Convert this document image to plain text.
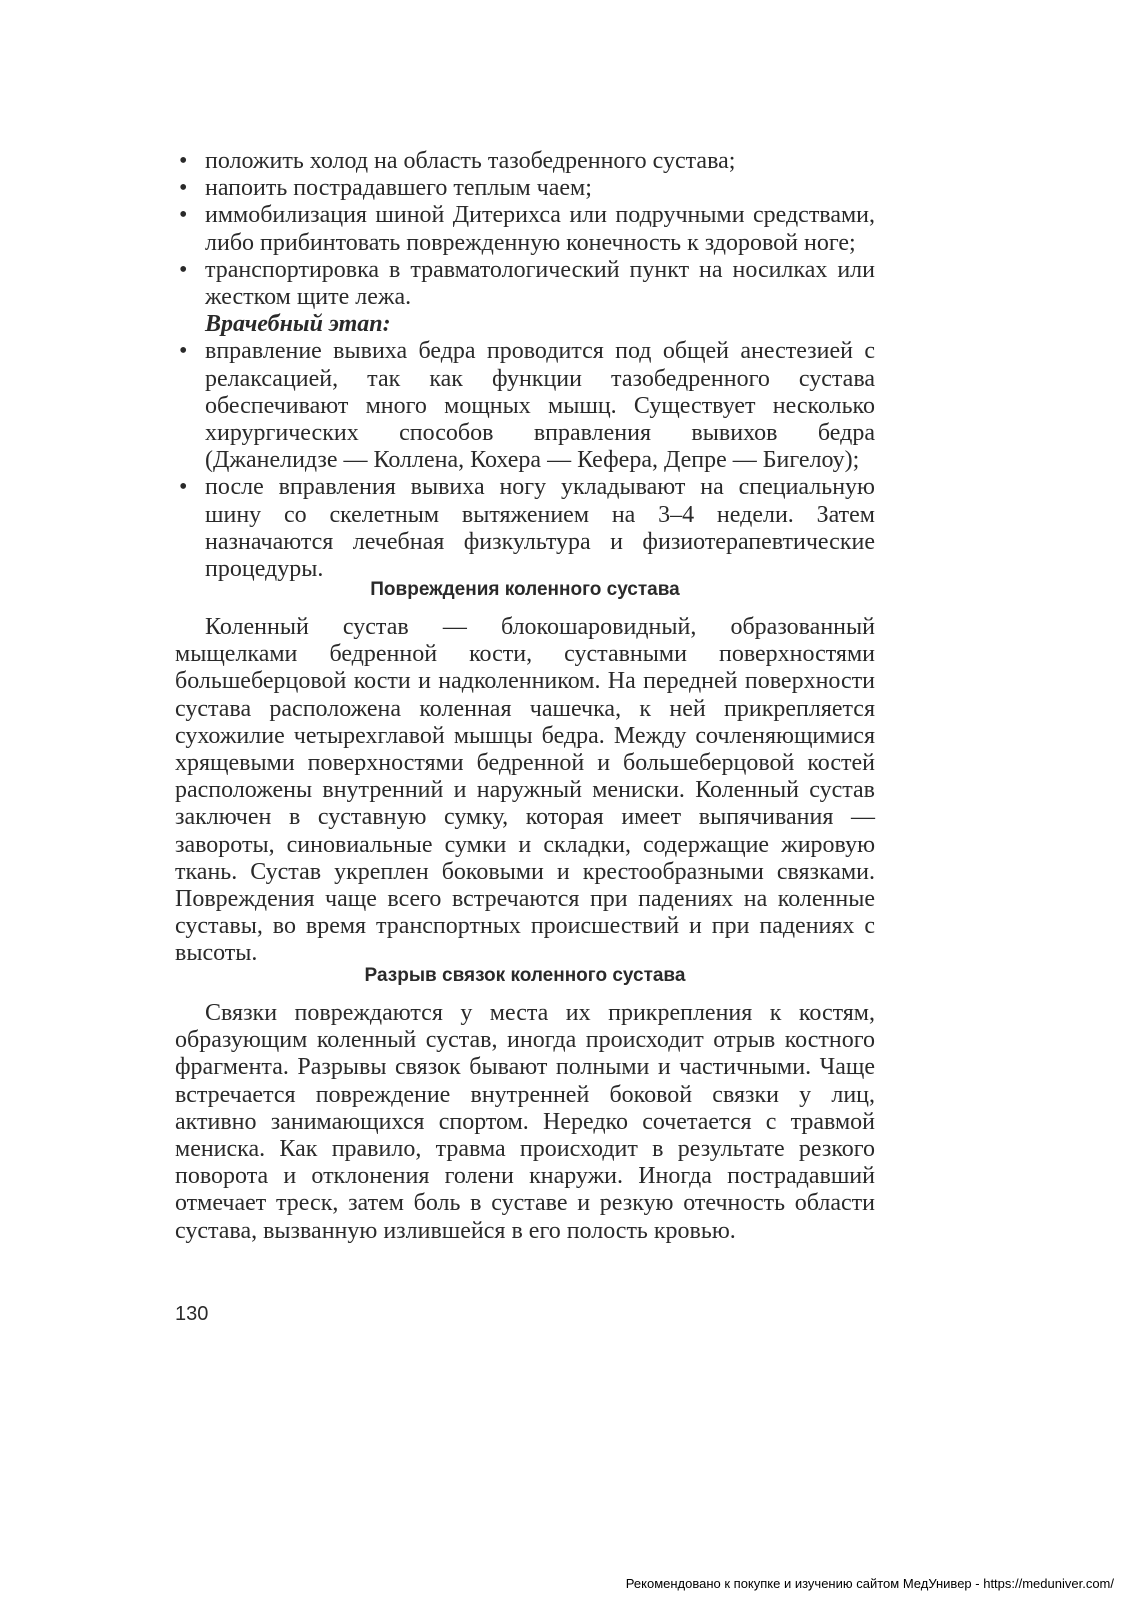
• положить холод на область тазобедренного сустава;
• напоить пострадавшего теплым чаем;
• иммобилизация шиной Дитерихса или подручными средствами, либо прибинтовать поврежденную конечность к здоровой ноге;
• транспортировка в травматологический пункт на носилках или жестком щите лежа.
Врачебный этап:
• вправление вывиха бедра проводится под общей анестезией с релаксацией, так как функции тазобедренного сустава обеспечивают много мощных мышц. Существует несколько хирургических способов вправления вывихов бедра (Джанелидзе — Коллена, Кохера — Кефера, Депре — Бигелоу);
• после вправления вывиха ногу укладывают на специальную шину со скелетным вытяжением на 3–4 недели. Затем назначаются лечебная физкультура и физиотерапевтические процедуры.
Повреждения коленного сустава

Коленный сустав — блокошаровидный, образованный мыщелками бедренной кости, суставными поверхностями большеберцовой кости и надколенником. На передней поверхности сустава расположена коленная чашечка, к ней прикрепляется сухожилие четырехглавой мышцы бедра. Между сочленяющимися хрящевыми поверхностями бедренной и большеберцовой костей расположены внутренний и наружный мениски. Коленный сустав заключен в суставную сумку, которая имеет выпячивания — завороты, синовиальные сумки и складки, содержащие жировую ткань. Сустав укреплен боковыми и крестообразными связками. Повреждения чаще всего встречаются при падениях на коленные суставы, во время транспортных происшествий и при падениях с высоты.

Разрыв связок коленного сустава

Связки повреждаются у места их прикрепления к костям, образующим коленный сустав, иногда происходит отрыв костного фрагмента. Разрывы связок бывают полными и частичными. Чаще встречается повреждение внутренней боковой связки у лиц, активно занимающихся спортом. Нередко сочетается с травмой мениска. Как правило, травма происходит в результате резкого поворота и отклонения голени кнаружи. Иногда пострадавший отмечает треск, затем боль в суставе и резкую отечность области сустава, вызванную излившейся в его полость кровью.

130
Рекомендовано к покупке и изучению сайтом МедУнивер - https://meduniver.com/
